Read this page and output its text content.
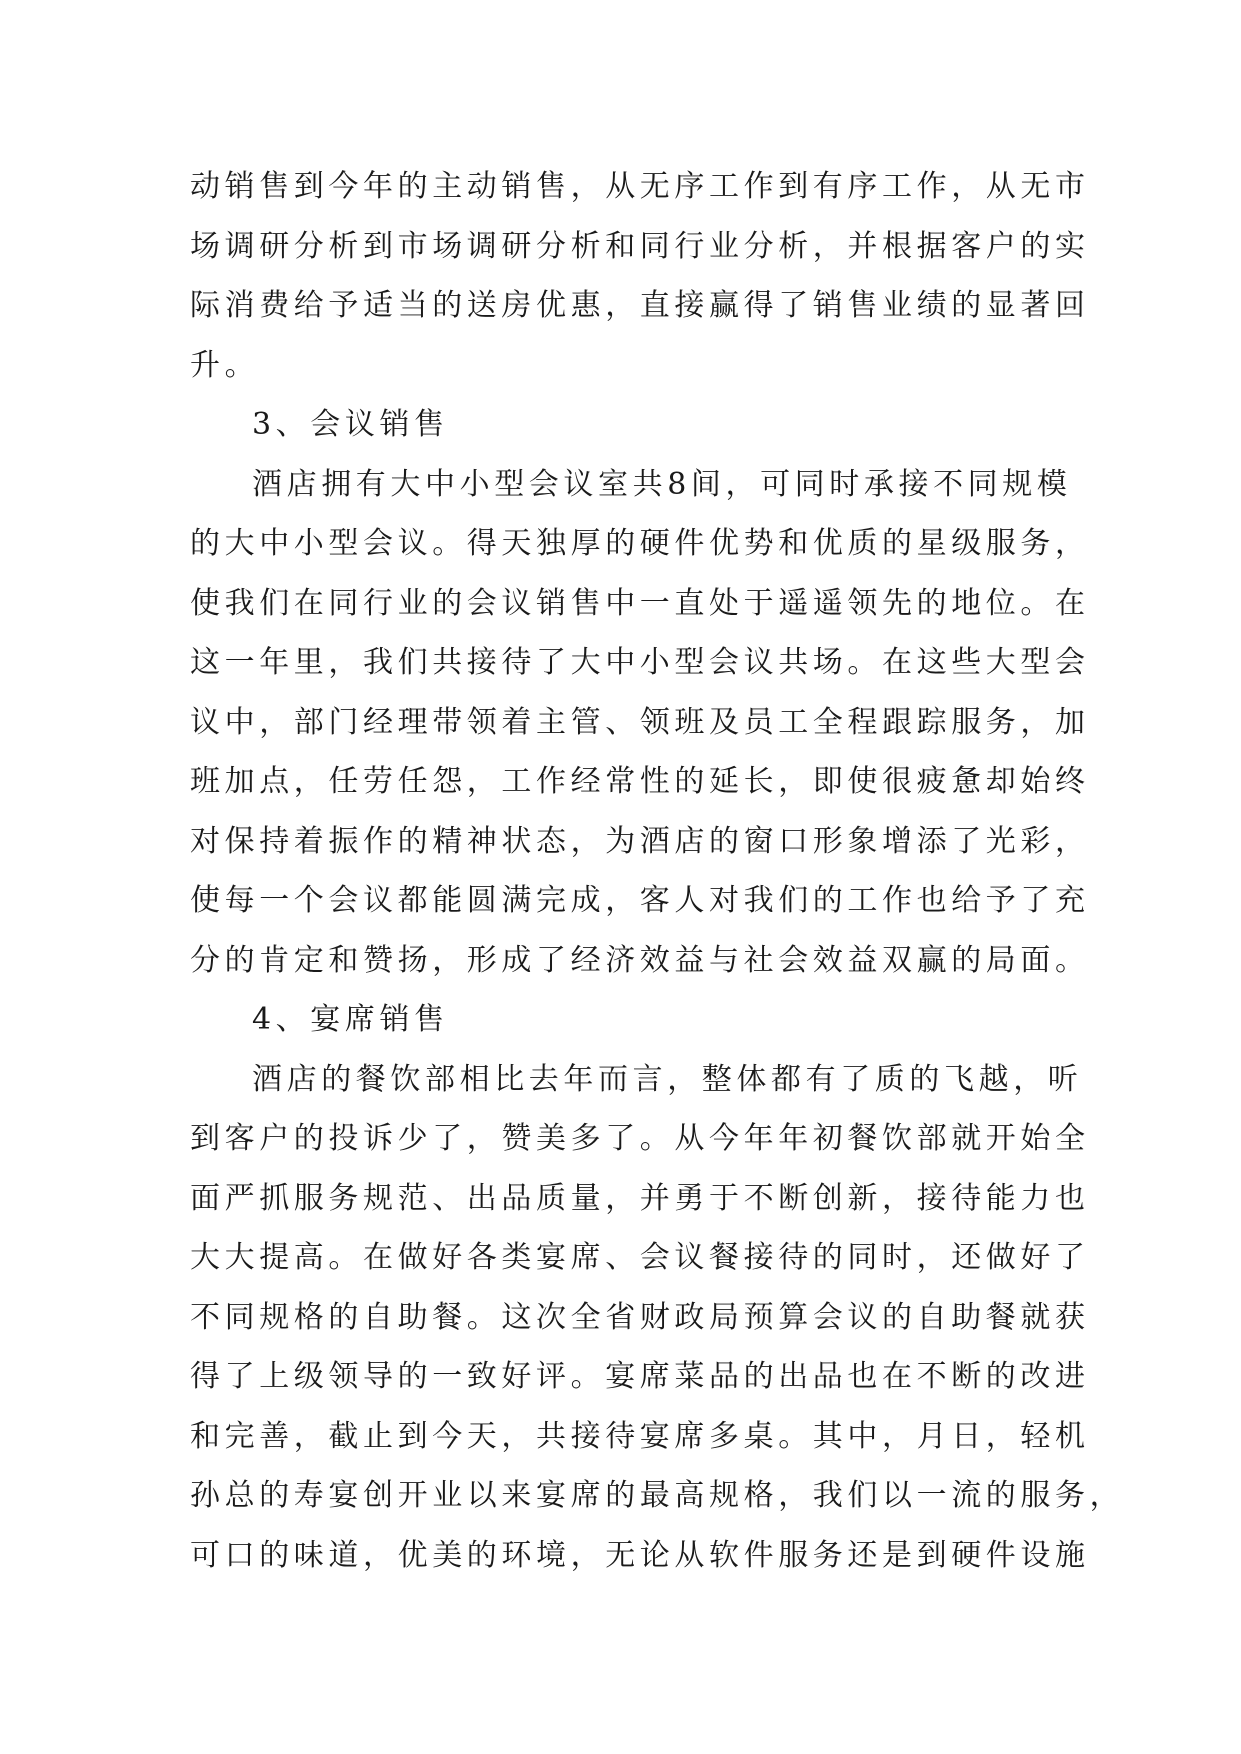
动销售到今年的主动销售，从无序工作到有序工作，从无市
场调研分析到市场调研分析和同行业分析，并根据客户的实
际消费给予适当的送房优惠，直接赢得了销售业绩的显著回
升。
3、会议销售
酒店拥有大中小型会议室共8间，可同时承接不同规模
的大中小型会议。得天独厚的硬件优势和优质的星级服务，
使我们在同行业的会议销售中一直处于遥遥领先的地位。在
这一年里，我们共接待了大中小型会议共场。在这些大型会
议中，部门经理带领着主管、领班及员工全程跟踪服务，加
班加点，任劳任怨，工作经常性的延长，即使很疲惫却始终
对保持着振作的精神状态，为酒店的窗口形象增添了光彩，
使每一个会议都能圆满完成，客人对我们的工作也给予了充
分的肯定和赞扬，形成了经济效益与社会效益双赢的局面。
4、宴席销售
酒店的餐饮部相比去年而言，整体都有了质的飞越，听
到客户的投诉少了，赞美多了。从今年年初餐饮部就开始全
面严抓服务规范、出品质量，并勇于不断创新，接待能力也
大大提高。在做好各类宴席、会议餐接待的同时，还做好了
不同规格的自助餐。这次全省财政局预算会议的自助餐就获
得了上级领导的一致好评。宴席菜品的出品也在不断的改进
和完善，截止到今天，共接待宴席多桌。其中，月日，轻机
孙总的寿宴创开业以来宴席的最高规格，我们以一流的服务，
可口的味道，优美的环境，无论从软件服务还是到硬件设施
